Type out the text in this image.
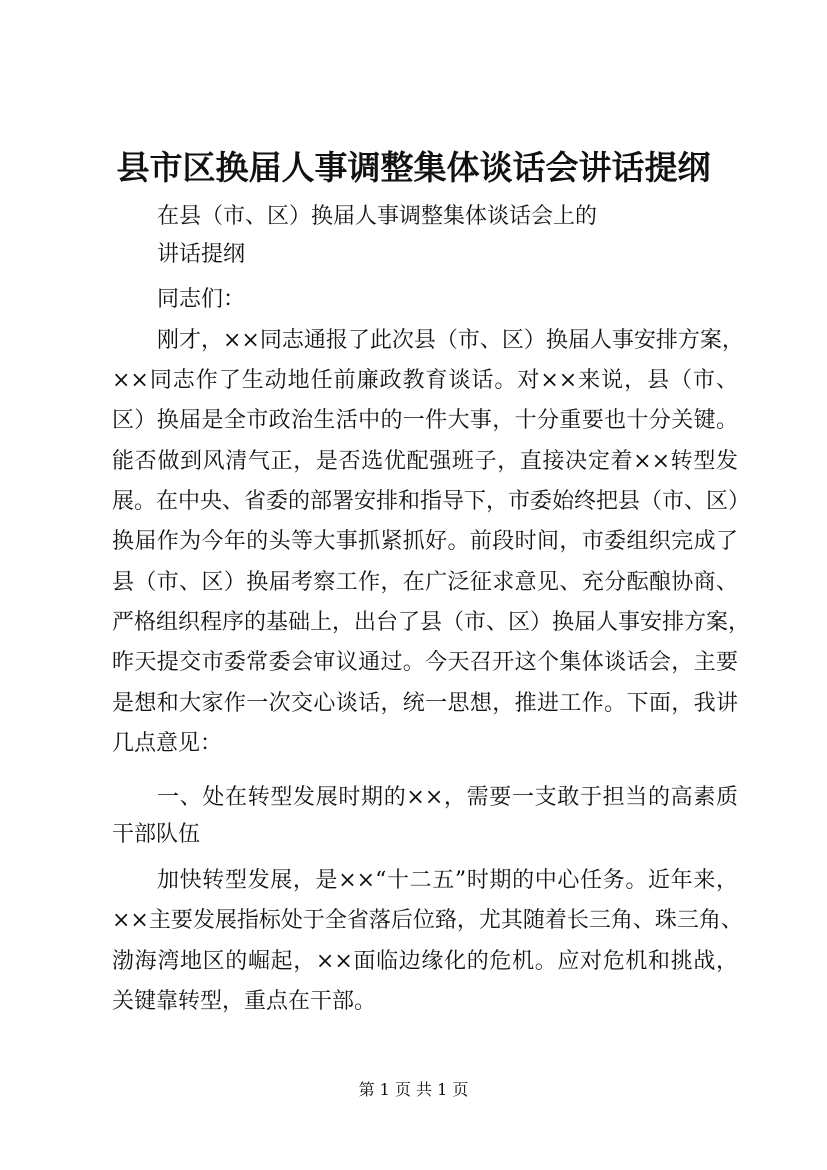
县市区换届人事调整集体谈话会讲话提纲
在县（市、区）换届人事调整集体谈话会上的
讲话提纲
同志们：
刚才，××同志通报了此次县（市、区）换届人事安排方案，
××同志作了生动地任前廉政教育谈话。对××来说，县（市、
区）换届是全市政治生活中的一件大事，十分重要也十分关键。
能否做到风清气正，是否选优配强班子，直接决定着××转型发
展。在中央、省委的部署安排和指导下，市委始终把县（市、区）
换届作为今年的头等大事抓紧抓好。前段时间，市委组织完成了
县（市、区）换届考察工作，在广泛征求意见、充分酝酿协商、
严格组织程序的基础上，出台了县（市、区）换届人事安排方案，
昨天提交市委常委会审议通过。今天召开这个集体谈话会，主要
是想和大家作一次交心谈话，统一思想，推进工作。下面，我讲
几点意见：
一、处在转型发展时期的××，需要一支敢于担当的高素质
干部队伍
加快转型发展，是××“十二五”时期的中心任务。近年来，
××主要发展指标处于全省落后位臵，尤其随着长三角、珠三角、
渤海湾地区的崛起，××面临边缘化的危机。应对危机和挑战，
关键靠转型，重点在干部。
第 1 页 共 1 页
